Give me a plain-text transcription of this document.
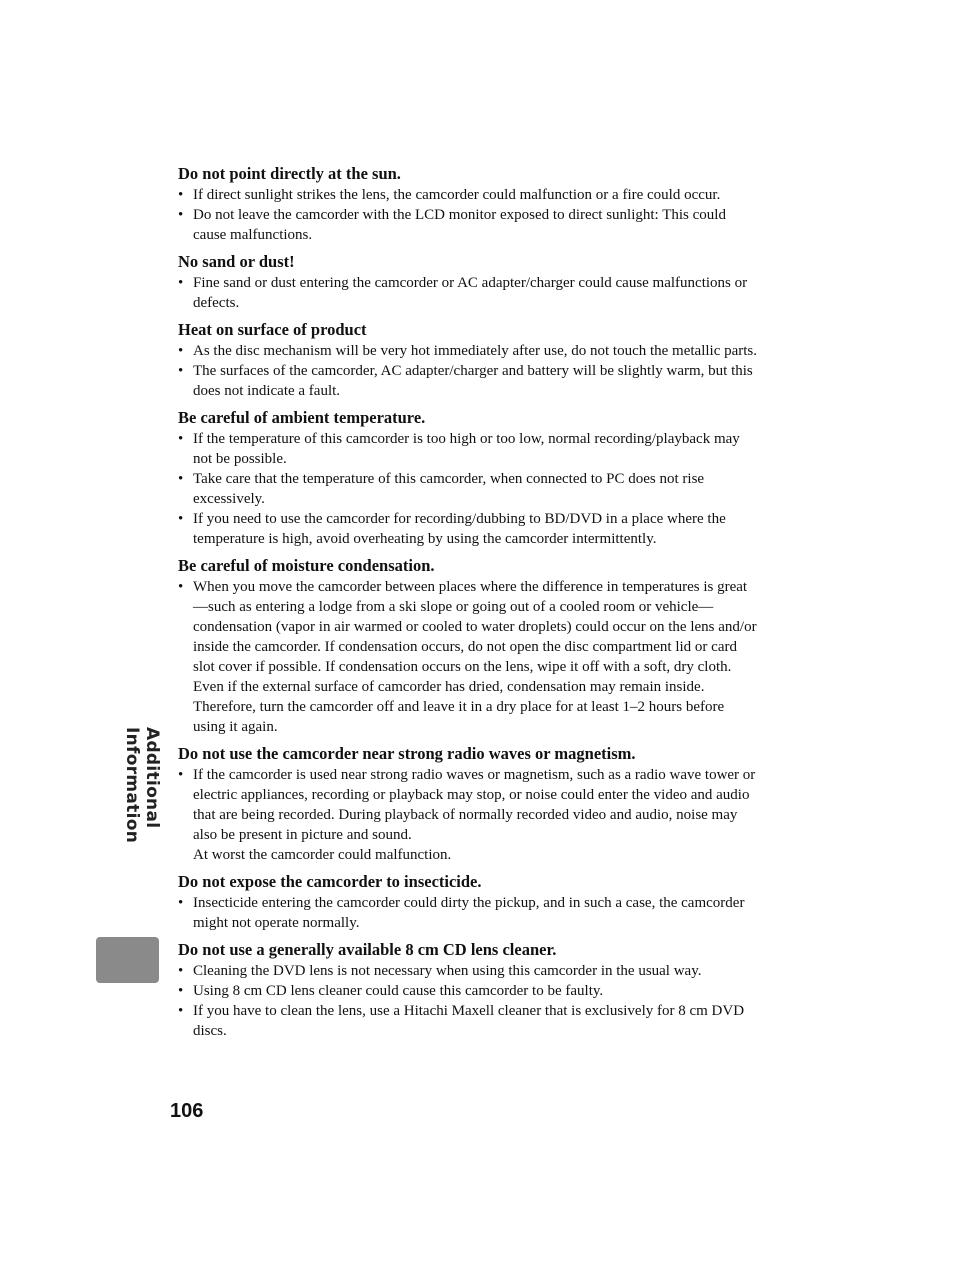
Additional Information
Do not point directly at the sun.
• If direct sunlight strikes the lens, the camcorder could malfunction or a fire could occur.
• Do not leave the camcorder with the LCD monitor exposed to direct sunlight: This could cause malfunctions.
No sand or dust!
• Fine sand or dust entering the camcorder or AC adapter/charger could cause malfunctions or defects.
Heat on surface of product
• As the disc mechanism will be very hot immediately after use, do not touch the metallic parts.
• The surfaces of the camcorder, AC adapter/charger and battery will be slightly warm, but this does not indicate a fault.
Be careful of ambient temperature.
• If the temperature of this camcorder is too high or too low, normal recording/playback may not be possible.
• Take care that the temperature of this camcorder, when connected to PC does not rise excessively.
• If you need to use the camcorder for recording/dubbing to BD/DVD in a place where the temperature is high, avoid overheating by using the camcorder intermittently.
Be careful of moisture condensation.
• When you move the camcorder between places where the difference in temperatures is great—such as entering a lodge from a ski slope or going out of a cooled room or vehicle—condensation (vapor in air warmed or cooled to water droplets) could occur on the lens and/or inside the camcorder. If condensation occurs, do not open the disc compartment lid or card slot cover if possible. If condensation occurs on the lens, wipe it off with a soft, dry cloth. Even if the external surface of camcorder has dried, condensation may remain inside. Therefore, turn the camcorder off and leave it in a dry place for at least 1–2 hours before using it again.
Do not use the camcorder near strong radio waves or magnetism.
• If the camcorder is used near strong radio waves or magnetism, such as a radio wave tower or electric appliances, recording or playback may stop, or noise could enter the video and audio that are being recorded. During playback of normally recorded video and audio, noise may also be present in picture and sound.
At worst the camcorder could malfunction.
Do not expose the camcorder to insecticide.
• Insecticide entering the camcorder could dirty the pickup, and in such a case, the camcorder might not operate normally.
Do not use a generally available 8 cm CD lens cleaner.
• Cleaning the DVD lens is not necessary when using this camcorder in the usual way.
• Using 8 cm CD lens cleaner could cause this camcorder to be faulty.
• If you have to clean the lens, use a Hitachi Maxell cleaner that is exclusively for 8 cm DVD discs.
106
